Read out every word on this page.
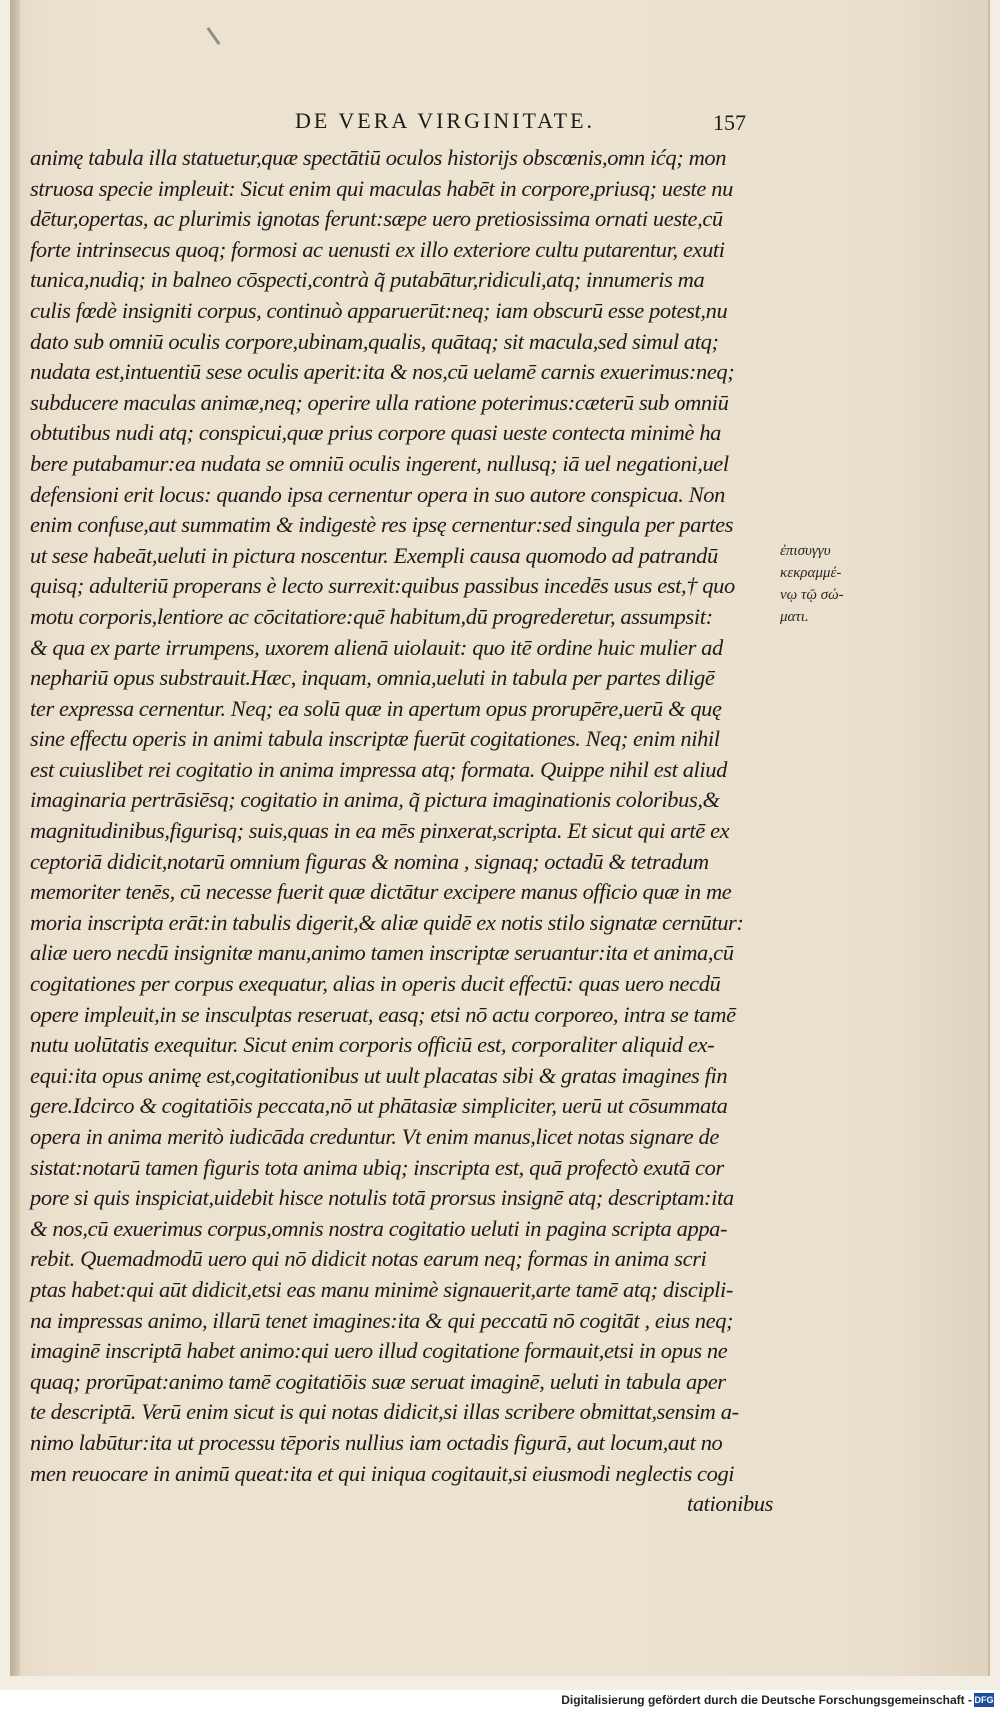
DE VERA VIRGINITATE.	157
animę tabula illa statuetur,quæ spectātiū oculos historijs obscœnis,omn ićq; mon
struosa specie impleuit: Sicut enim qui maculas habēt in corpore,priusq; ueste nu
dētur,opertas, ac plurimis ignotas ferunt:sæpe uero pretiosissima ornati ueste,cū
forte intrinsecus quoq; formosi ac uenusti ex illo exteriore cultu putarentur, exuti
tunica,nudiq; in balneo cōspecti,contrà q̃ putabātur,ridiculi,atq; innumeris ma
culis fœdè insigniti corpus, continuò apparuerūt:neq; iam obscurū esse potest,nu
dato sub omniū oculis corpore,ubinam,qualis, quātaq; sit macula,sed simul atq;
nudata est,intuentiū sese oculis aperit:ita & nos,cū uelamē carnis exuerimus:neq;
subducere maculas animæ,neq; operire ulla ratione poterimus:cæterū sub omniū
obtutibus nudi atq; conspicui,quæ prius corpore quasi ueste contecta minimè ha
bere putabamur:ea nudata se omniū oculis ingerent, nullusq; iā uel negationi,uel
defensioni erit locus: quando ipsa cernentur opera in suo autore conspicua. Non
enim confuse,aut summatim & indigestè res ipsę cernentur:sed singula per partes
ut sese habeāt,ueluti in pictura noscentur. Exempli causa quomodo ad patrandū
quisq; adulteriū properans è lecto surrexit:quibus passibus incedēs usus est,† quo
motu corporis,lentiore ac cōcitatiore:quē habitum,dū progrederetur, assumpsit:
& qua ex parte irrumpens, uxorem alienā uiolauit: quo itē ordine huic mulier ad
nephariū opus substrauit.Hæc, inquam, omnia,ueluti in tabula per partes diligē
ter expressa cernentur. Neq; ea solū quæ in apertum opus prorupēre,uerū & quę
sine effectu operis in animi tabula inscriptæ fuerūt cogitationes. Neq; enim nihil
est cuiuslibet rei cogitatio in anima impressa atq; formata. Quippe nihil est aliud
imaginaria pertrāsiēsq; cogitatio in anima, q̃ pictura imaginationis coloribus,&
magnitudinibus,figurisq; suis,quas in ea mēs pinxerat,scripta. Et sicut qui artē ex
ceptoriā didicit,notarū omnium figuras & nomina , signaq; octadū & tetradum
memoriter tenēs, cū necesse fuerit quæ dictātur excipere manus officio quæ in me
moria inscripta erāt:in tabulis digerit,& aliæ quidē ex notis stilo signatæ cernūtur:
aliæ uero necdū insignitæ manu,animo tamen inscriptæ seruantur:ita et anima,cū
cogitationes per corpus exequatur, alias in operis ducit effectū: quas uero necdū
opere impleuit,in se insculptas reseruat, easq; etsi nō actu corporeo, intra se tamē
nutu uolūtatis exequitur. Sicut enim corporis officiū est, corporaliter aliquid ex-
equi:ita opus animę est,cogitationibus ut uult placatas sibi & gratas imagines fin
gere.Idcirco & cogitatiōis peccata,nō ut phātasiæ simpliciter, uerū ut cōsummata
opera in anima meritò iudicāda creduntur. Vt enim manus,licet notas signare de
sistat:notarū tamen figuris tota anima ubiq; inscripta est, quā profectò exutā cor
pore si quis inspiciat,uidebit hisce notulis totā prorsus insignē atq; descriptam:ita
& nos,cū exuerimus corpus,omnis nostra cogitatio ueluti in pagina scripta appa-
rebit. Quemadmodū uero qui nō didicit notas earum neq; formas in anima scri
ptas habet:qui aūt didicit,etsi eas manu minimè signauerit,arte tamē atq; discipli-
na impressas animo, illarū tenet imagines:ita & qui peccatū nō cogitāt , eius neq;
imaginē inscriptā habet animo:qui uero illud cogitatione formauit,etsi in opus ne
quaq; prorūpat:animo tamē cogitatiōis suæ seruat imaginē, ueluti in tabula aper
te descriptā. Verū enim sicut is qui notas didicit,si illas scribere obmittat,sensim a-
nimo labūtur:ita ut processu tēporis nullius iam octadis figurā, aut locum,aut no
men reuocare in animū queat:ita et qui iniqua cogitauit,si eiusmodi neglectis cogi
tationibus
ἐπισυγγυ
κεκραμμέ-
νῳ τῷ σώ-
ματι.
Digitalisierung gefördert durch die Deutsche Forschungsgemeinschaft - DFG
